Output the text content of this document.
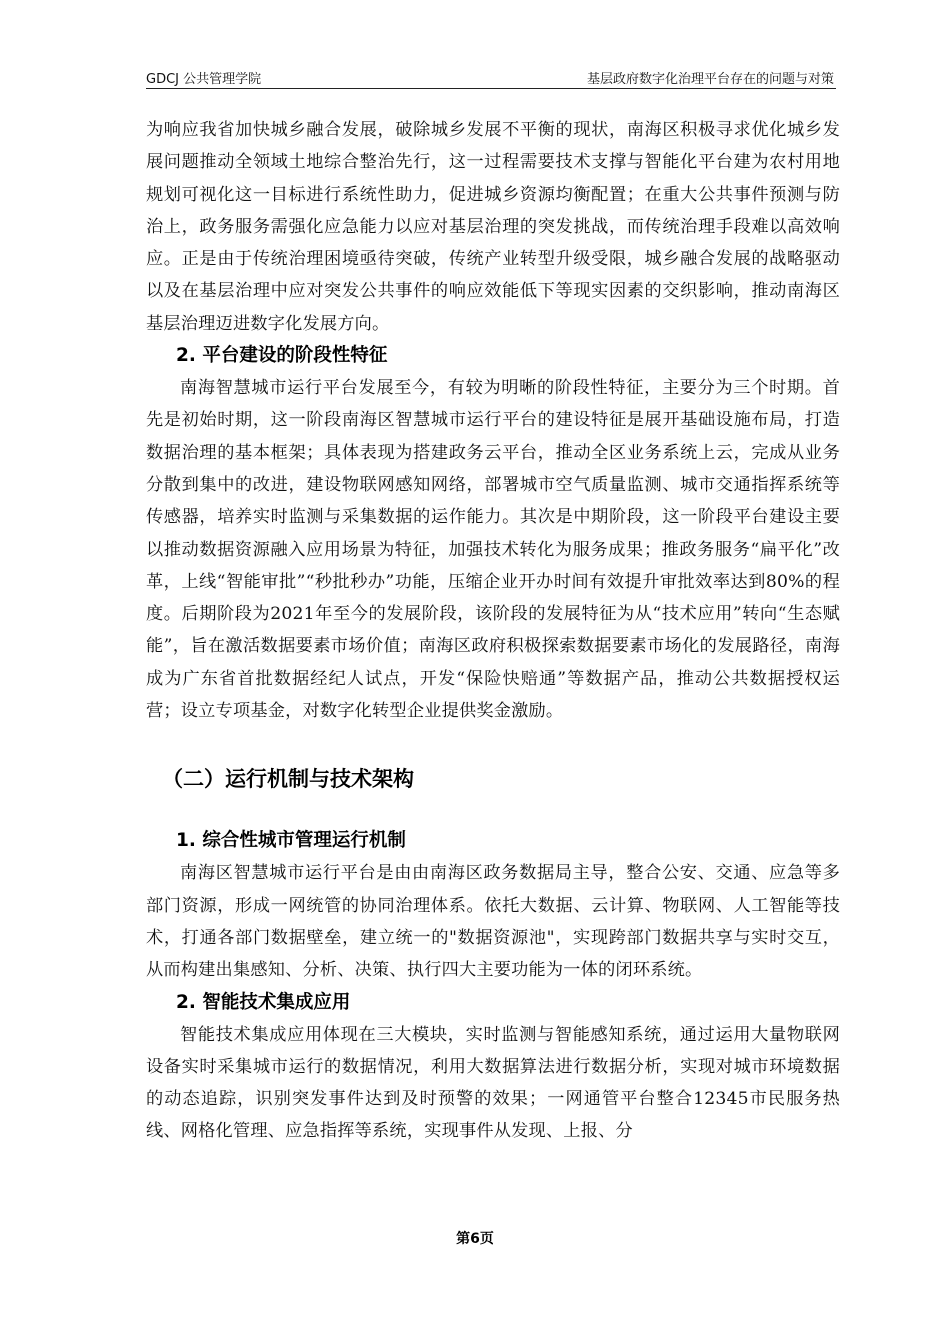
GDCJ 公共管理学院	基层政府数字化治理平台存在的问题与对策

为响应我省加快城乡融合发展，破除城乡发展不平衡的现状，南海区积极寻求优化城乡发展问题推动全领域土地综合整治先行，这一过程需要技术支撑与智能化平台建为农村用地规划可视化这一目标进行系统性助力，促进城乡资源均衡配置；在重大公共事件预测与防治上，政务服务需强化应急能力以应对基层治理的突发挑战，而传统治理手段难以高效响应。正是由于传统治理困境亟待突破，传统产业转型升级受限，城乡融合发展的战略驱动以及在基层治理中应对突发公共事件的响应效能低下等现实因素的交织影响，推动南海区基层治理迈进数字化发展方向。

2. 平台建设的阶段性特征

南海智慧城市运行平台发展至今，有较为明晰的阶段性特征，主要分为三个时期。首先是初始时期，这一阶段南海区智慧城市运行平台的建设特征是展开基础设施布局，打造数据治理的基本框架；具体表现为搭建政务云平台，推动全区业务系统上云，完成从业务分散到集中的改进，建设物联网感知网络，部署城市空气质量监测、城市交通指挥系统等传感器，培养实时监测与采集数据的运作能力。其次是中期阶段，这一阶段平台建设主要以推动数据资源融入应用场景为特征，加强技术转化为服务成果；推政务服务“扁平化”改革，上线“智能审批”“秒批秒办”功能，压缩企业开办时间有效提升审批效率达到80%的程度。后期阶段为2021年至今的发展阶段，该阶段的发展特征为从“技术应用”转向“生态赋能”，旨在激活数据要素市场价值；南海区政府积极探索数据要素市场化的发展路径，南海成为广东省首批数据经纪人试点，开发“保险快赔通”等数据产品，推动公共数据授权运营；设立专项基金，对数字化转型企业提供奖金激励。

（二）运行机制与技术架构
1. 综合性城市管理运行机制

南海区智慧城市运行平台是由由南海区政务数据局主导，整合公安、交通、应急等多部门资源，形成一网统管的协同治理体系。依托大数据、云计算、物联网、人工智能等技术，打通各部门数据壁垒，建立统一的"数据资源池"，实现跨部门数据共享与实时交互，从而构建出集感知、分析、决策、执行四大主要功能为一体的闭环系统。

2. 智能技术集成应用

智能技术集成应用体现在三大模块，实时监测与智能感知系统，通过运用大量物联网设备实时采集城市运行的数据情况，利用大数据算法进行数据分析，实现对城市环境数据的动态追踪，识别突发事件达到及时预警的效果；一网通管平台整合12345市民服务热线、网格化管理、应急指挥等系统，实现事件从发现、上报、分

第6页
